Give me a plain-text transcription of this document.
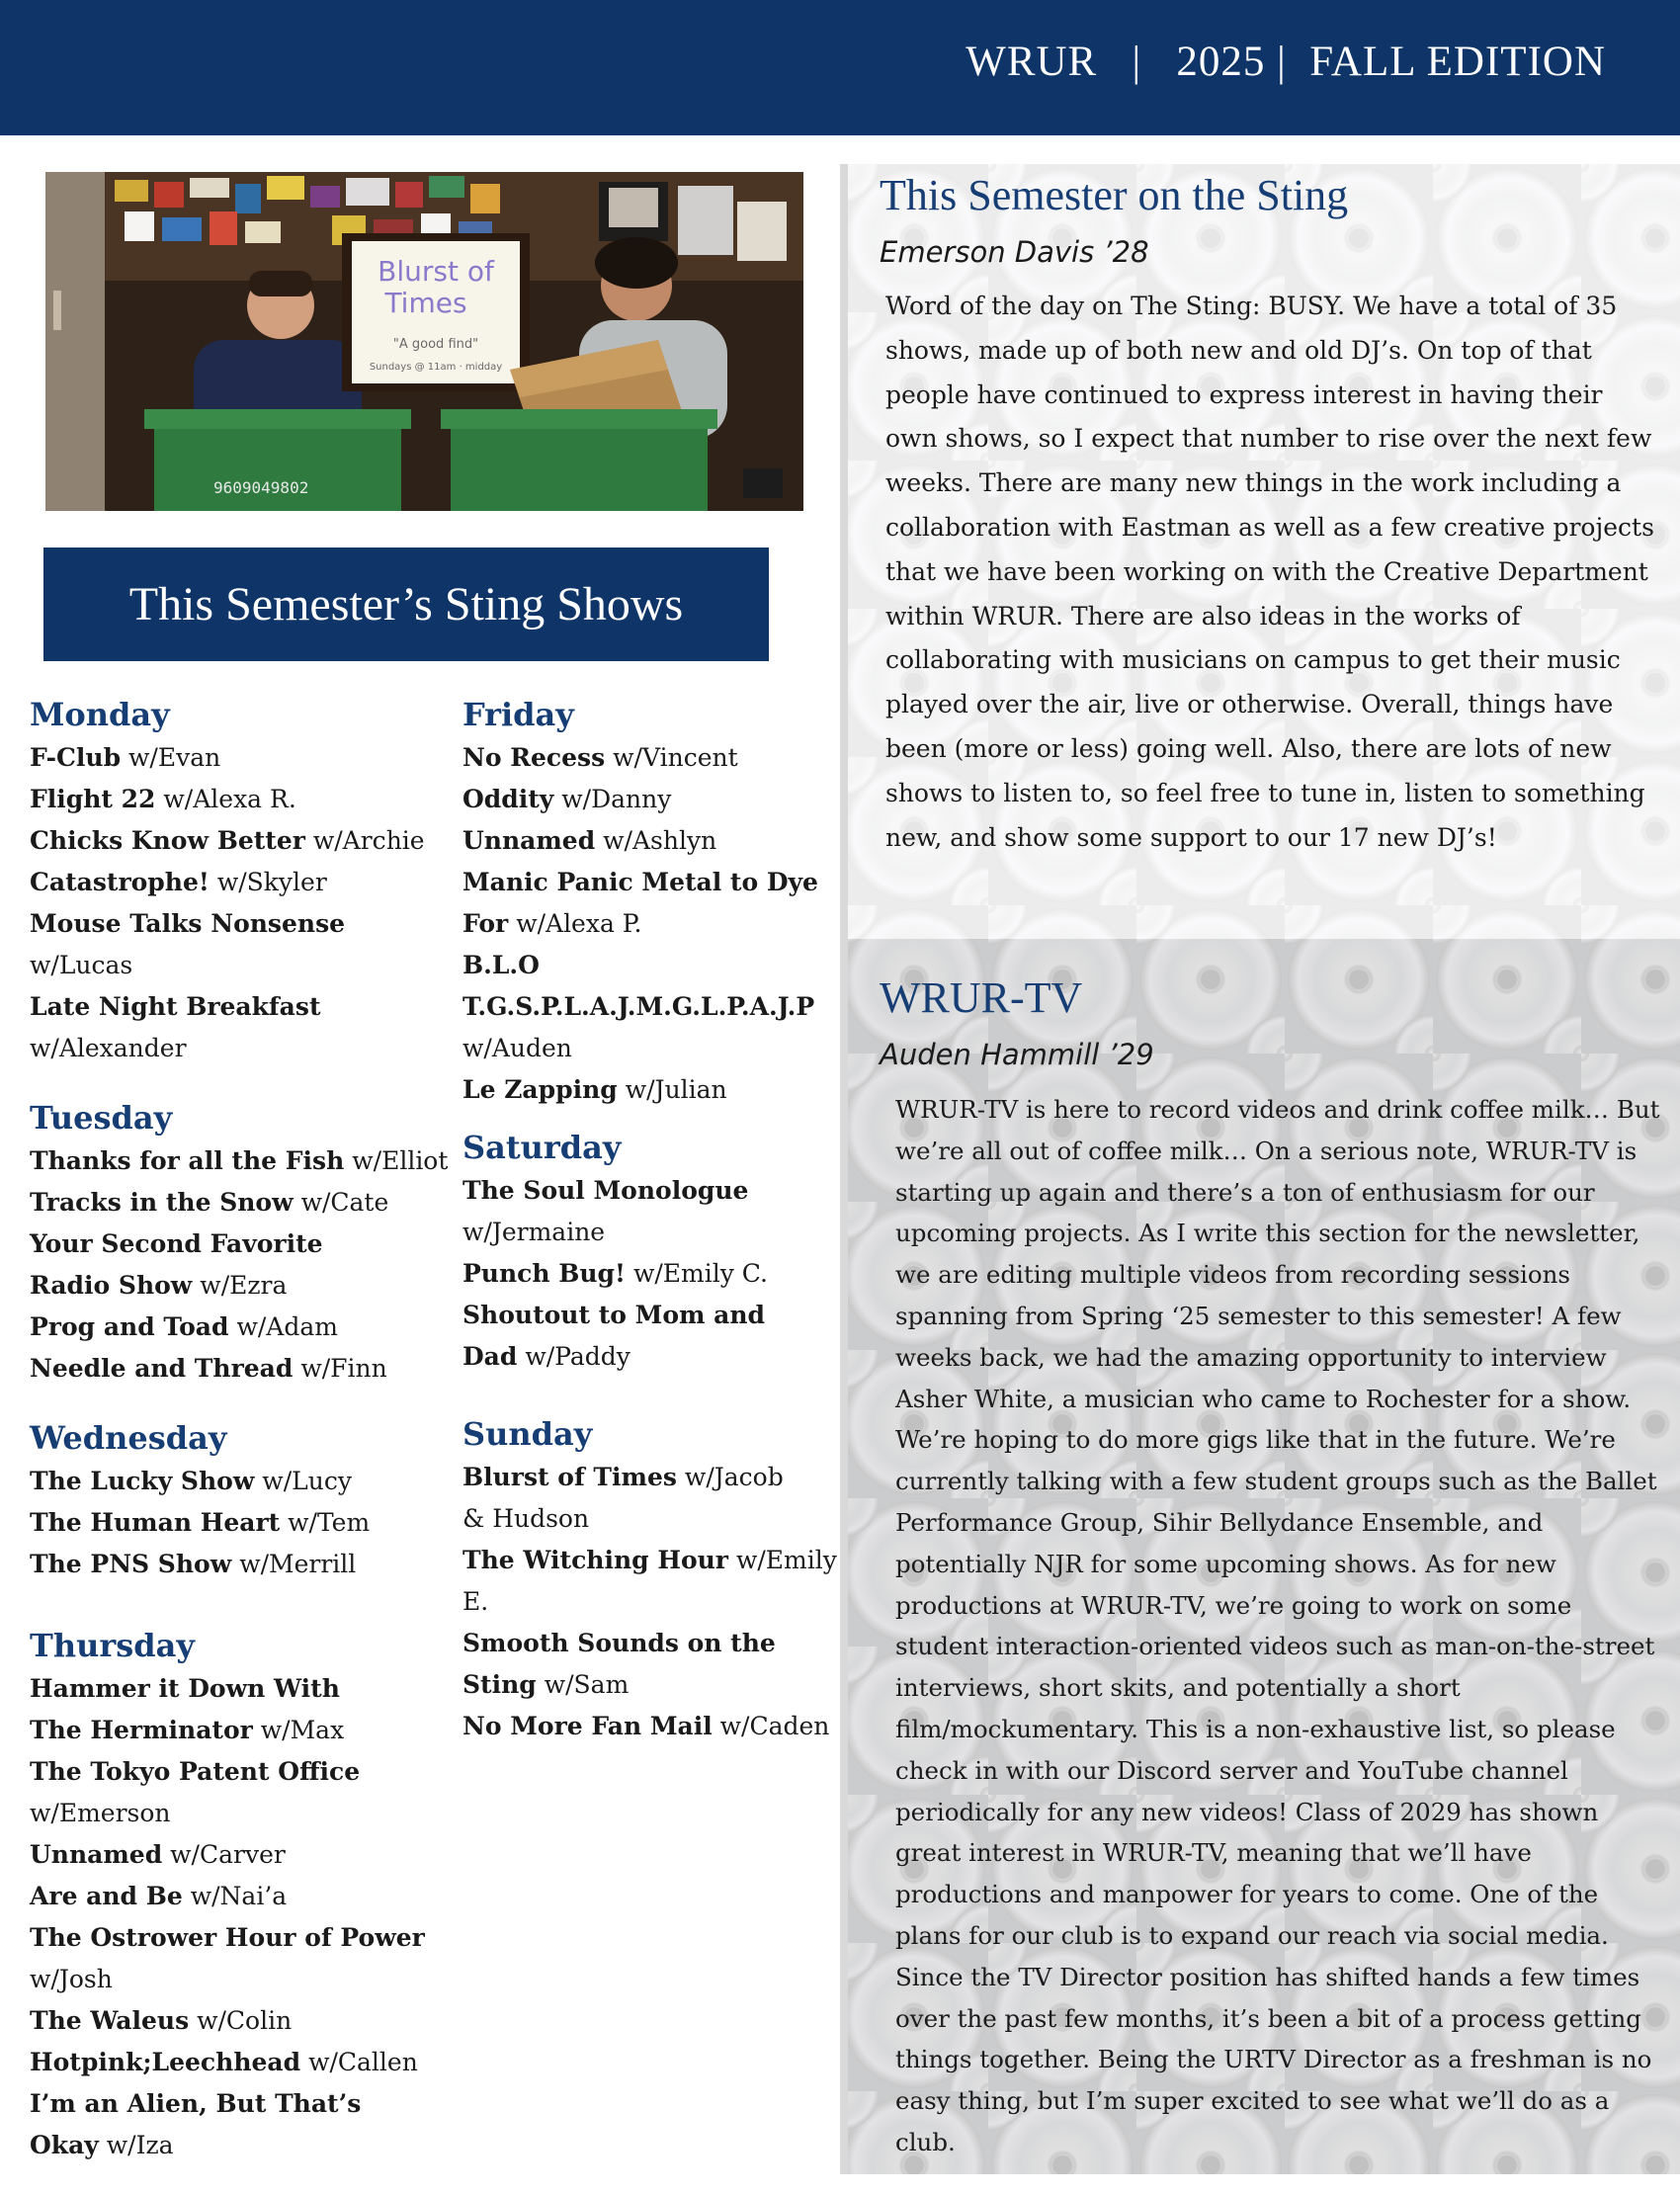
WRUR   |   2025 |  FALL EDITION
Blurst of
Times
"A good find"
Sundays @ 11am · midday
9609049802
This Semester’s Sting Shows
Monday
F-Club w/Evan
Flight 22 w/Alexa R.
Chicks Know Better w/Archie
Catastrophe! w/Skyler
Mouse Talks Nonsense w/Lucas
Late Night Breakfast w/Alexander
Tuesday
Thanks for all the Fish w/Elliot
Tracks in the Snow w/Cate
Your Second Favorite Radio Show w/Ezra
Prog and Toad w/Adam
Needle and Thread w/Finn
Wednesday
The Lucky Show w/Lucy
The Human Heart w/Tem
The PNS Show w/Merrill
Thursday
Hammer it Down With The Herminator w/Max
The Tokyo Patent Office w/Emerson
Unnamed w/Carver
Are and Be w/Nai’a
The Ostrower Hour of Power w/Josh
The Waleus w/Colin
Hotpink;Leechhead w/Callen
I’m an Alien, But That’s Okay w/Iza
Friday
No Recess w/Vincent
Oddity w/Danny
Unnamed w/Ashlyn
Manic Panic Metal to Dye For w/Alexa P.
B.L.O
T.G.S.P.L.A.J.M.G.L.P.A.J.P w/Auden
Le Zapping w/Julian
Saturday
The Soul Monologue w/Jermaine
Punch Bug! w/Emily C.
Shoutout to Mom and Dad w/Paddy
Sunday
Blurst of Times w/Jacob & Hudson
The Witching Hour w/Emily E.
Smooth Sounds on the Sting w/Sam
No More Fan Mail w/Caden
This Semester on the Sting
Emerson Davis ’28
Word of the day on The Sting: BUSY. We have a total of 35 shows, made up of both new and old DJ’s. On top of that people have continued to express interest in having their own shows, so I expect that number to rise over the next few weeks. There are many new things in the work including a collaboration with Eastman as well as a few creative projects that we have been working on with the Creative Department within WRUR. There are also ideas in the works of collaborating with musicians on campus to get their music played over the air, live or otherwise. Overall, things have been (more or less) going well. Also, there are lots of new shows to listen to, so feel free to tune in, listen to something new, and show some support to our 17 new DJ’s!
WRUR-TV
Auden Hammill ’29
WRUR-TV is here to record videos and drink coffee milk… But we’re all out of coffee milk… On a serious note, WRUR-TV is starting up again and there’s a ton of enthusiasm for our upcoming projects. As I write this section for the newsletter, we are editing multiple videos from recording sessions spanning from Spring ‘25 semester to this semester! A few weeks back, we had the amazing opportunity to interview Asher White, a musician who came to Rochester for a show. We’re hoping to do more gigs like that in the future. We’re currently talking with a few student groups such as the Ballet Performance Group, Sihir Bellydance Ensemble, and potentially NJR for some upcoming shows. As for new productions at WRUR-TV, we’re going to work on some student interaction-oriented videos such as man-on-the-street interviews, short skits, and potentially a short film/mockumentary. This is a non-exhaustive list, so please check in with our Discord server and YouTube channel periodically for any new videos! Class of 2029 has shown great interest in WRUR-TV, meaning that we’ll have productions and manpower for years to come. One of the plans for our club is to expand our reach via social media. Since the TV Director position has shifted hands a few times over the past few months, it’s been a bit of a process getting things together. Being the URTV Director as a freshman is no easy thing, but I’m super excited to see what we’ll do as a club.
